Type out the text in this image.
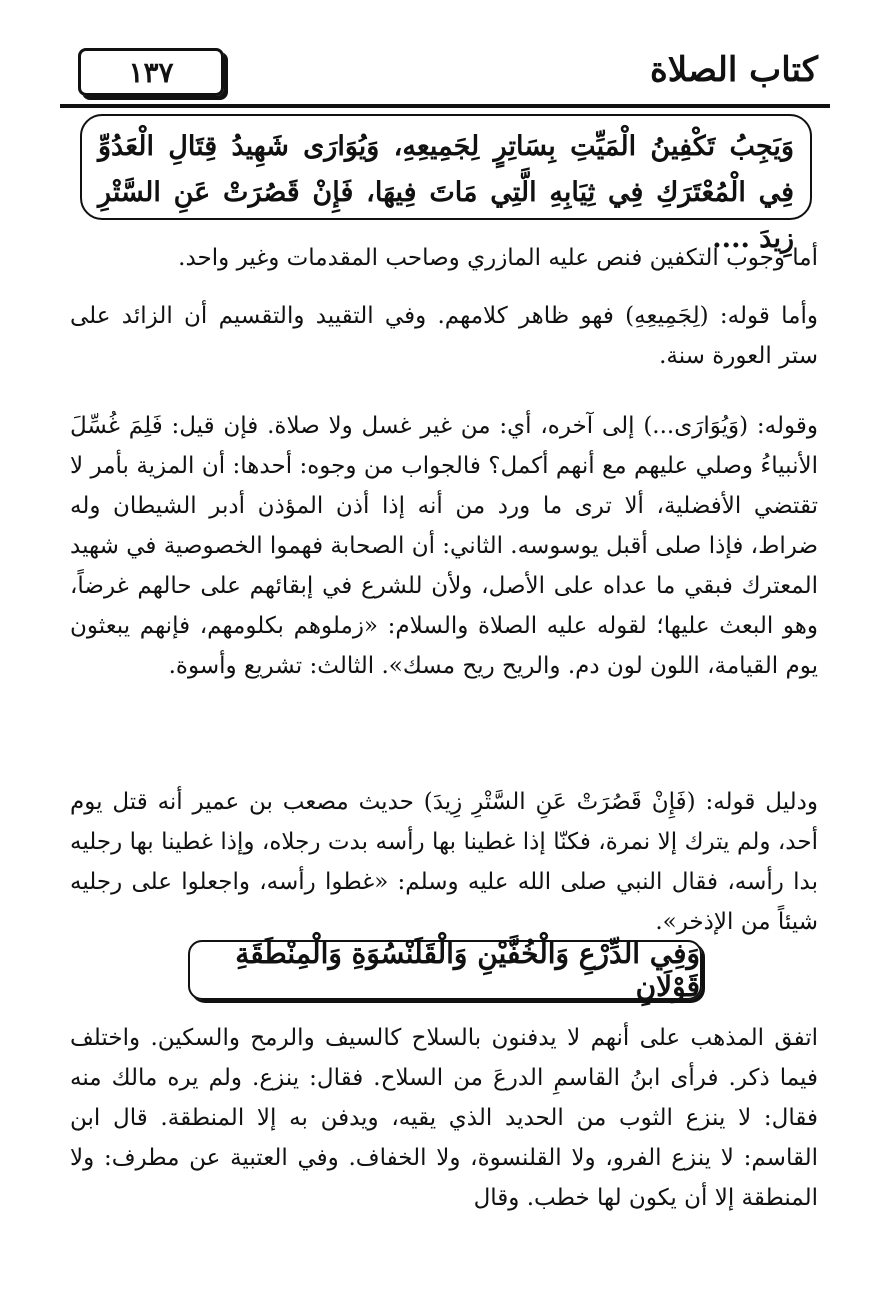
١٣٧	كتاب الصلاة
وَيَجِبُ تَكْفِينُ الْمَيِّتِ بِسَاتِرٍ لِجَمِيعِهِ، وَيُوَارَى شَهِيدُ قِتَالِ الْعَدُوِّ فِي الْمُعْتَرَكِ فِي ثِيَابِهِ الَّتِي مَاتَ فِيهَا، فَإِنْ قَصُرَتْ عَنِ السَّتْرِ زِيدَ ....
أما وجوب التكفين فنص عليه المازري وصاحب المقدمات وغير واحد.
وأما قوله: (لِجَمِيعِهِ) فهو ظاهر كلامهم. وفي التقييد والتقسيم أن الزائد على ستر العورة سنة.
وقوله: (وَيُوَارَى...) إلى آخره، أي: من غير غسل ولا صلاة. فإن قيل: فَلِمَ غُسِّلَ الأنبياءُ وصلي عليهم مع أنهم أكمل؟ فالجواب من وجوه: أحدها: أن المزية بأمر لا تقتضي الأفضلية، ألا ترى ما ورد من أنه إذا أذن المؤذن أدبر الشيطان وله ضراط، فإذا صلى أقبل يوسوسه. الثاني: أن الصحابة فهموا الخصوصية في شهيد المعترك فبقي ما عداه على الأصل، ولأن للشرع في إبقائهم على حالهم غرضاً، وهو البعث عليها؛ لقوله عليه الصلاة والسلام: «زملوهم بكلومهم، فإنهم يبعثون يوم القيامة، اللون لون دم. والريح ريح مسك». الثالث: تشريع وأسوة.
ودليل قوله: (فَإِنْ قَصُرَتْ عَنِ السَّتْرِ زِيدَ) حديث مصعب بن عمير أنه قتل يوم أحد، ولم يترك إلا نمرة، فكنّا إذا غطينا بها رأسه بدت رجلاه، وإذا غطينا بها رجليه بدا رأسه، فقال النبي صلى الله عليه وسلم: «غطوا رأسه، واجعلوا على رجليه شيئاً من الإذخر».
وَفِي الدِّرْعِ وَالْخُفَّيْنِ وَالْقَلَنْسُوَةِ وَالْمِنْطَقَةِ قَوْلَانِ
اتفق المذهب على أنهم لا يدفنون بالسلاح كالسيف والرمح والسكين. واختلف فيما ذكر. فرأى ابنُ القاسمِ الدرعَ من السلاح. فقال: ينزع. ولم يره مالك منه فقال: لا ينزع الثوب من الحديد الذي يقيه، ويدفن به إلا المنطقة. قال ابن القاسم: لا ينزع الفرو، ولا القلنسوة، ولا الخفاف. وفي العتبية عن مطرف: ولا المنطقة إلا أن يكون لها خطب. وقال
